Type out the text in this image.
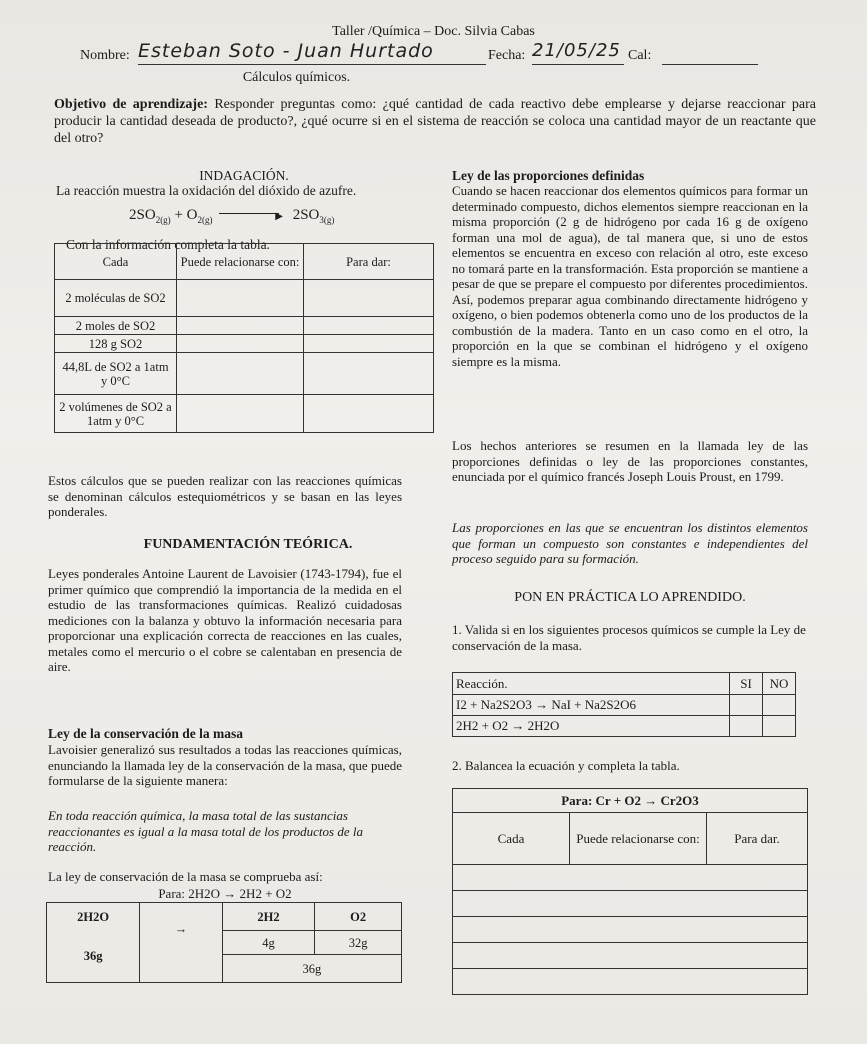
Taller /Química – Doc. Silvia Cabas
Nombre: Esteban Soto - Juan Hurtado	Fecha: 21/05/25 Cal:
Cálculos químicos.
Objetivo de aprendizaje: Responder preguntas como: ¿qué cantidad de cada reactivo debe emplearse y dejarse reaccionar para producir la cantidad deseada de producto?, ¿qué ocurre si en el sistema de reacción se coloca una cantidad mayor de un reactante que del otro?
INDAGACIÓN.
La reacción muestra la oxidación del dióxido de azufre.
$2SO_{2(g)} + O_{2(g)}$	▶ $2SO_{3(g)}$
Con la información completa la tabla.
Cada	Puede relacionarse con:	Para dar:
2 moléculas de SO2		
2 moles de SO2		
128 g SO2		
44,8L de SO2 a 1atm y 0°C		
2 volúmenes de SO2 a 1atm y 0°C		
Estos cálculos que se pueden realizar con las reacciones químicas se denominan cálculos estequiométricos y se basan en las leyes ponderales.
FUNDAMENTACIÓN TEÓRICA.
Leyes ponderales Antoine Laurent de Lavoisier (1743-1794), fue el primer químico que comprendió la importancia de la medida en el estudio de las transformaciones químicas. Realizó cuidadosas mediciones con la balanza y obtuvo la información necesaria para proporcionar una explicación correcta de reacciones en las cuales, metales como el mercurio o el cobre se calentaban en presencia de aire.
Ley de la conservación de la masa
Lavoisier generalizó sus resultados a todas las reacciones químicas, enunciando la llamada ley de la conservación de la masa, que puede formularse de la siguiente manera:
En toda reacción química, la masa total de las sustancias reaccionantes es igual a la masa total de los productos de la reacción.
La ley de conservación de la masa se comprueba así:
Para: 2H2O → 2H2 + O2
2H2O	→	2H2	O2
36g		4g	32g
		36g	
Ley de las proporciones definidas
Cuando se hacen reaccionar dos elementos químicos para formar un determinado compuesto, dichos elementos siempre reaccionan en la misma proporción (2 g de hidrógeno por cada 16 g de oxígeno forman una mol de agua), de tal manera que, si uno de estos elementos se encuentra en exceso con relación al otro, este exceso no tomará parte en la transformación. Esta proporción se mantiene a pesar de que se prepare el compuesto por diferentes procedimientos. Así, podemos preparar agua combinando directamente hidrógeno y oxígeno, o bien podemos obtenerla como uno de los productos de la combustión de la madera. Tanto en un caso como en el otro, la proporción en la que se combinan el hidrógeno y el oxígeno siempre es la misma.
Los hechos anteriores se resumen en la llamada ley de las proporciones definidas o ley de las proporciones constantes, enunciada por el químico francés Joseph Louis Proust, en 1799.
Las proporciones en las que se encuentran los distintos elementos que forman un compuesto son constantes e independientes del proceso seguido para su formación.
PON EN PRÁCTICA LO APRENDIDO.
1. Valida si en los siguientes procesos químicos se cumple la Ley de conservación de la masa.
Reacción.	SI	NO
I2 + Na2S2O3 → NaI + Na2S2O6		
2H2 + O2 → 2H2O		
2. Balancea la ecuación y completa la tabla.
Para: Cr + O2 → Cr2O3
Cada	Puede relacionarse con:	Para dar.
